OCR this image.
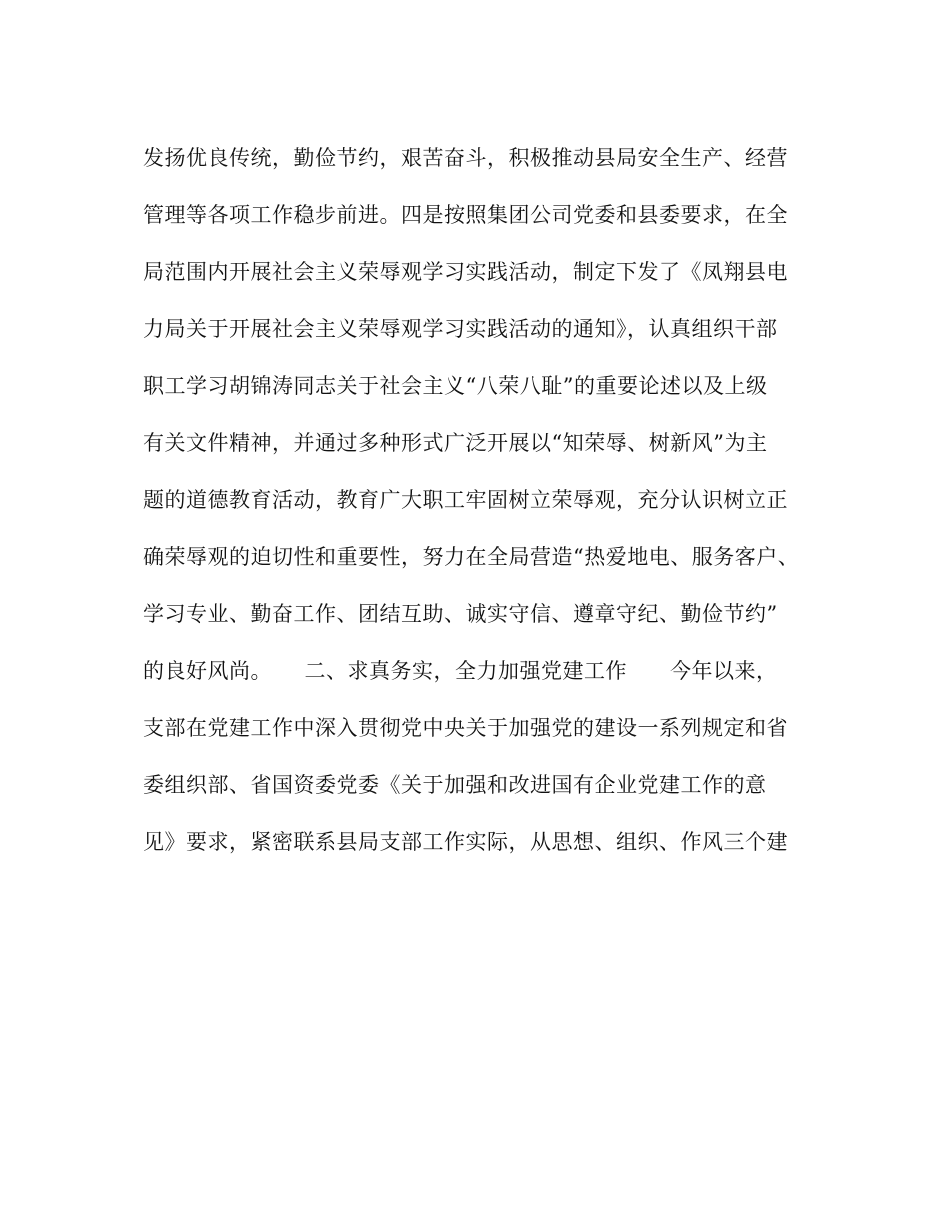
发扬优良传统，勤俭节约，艰苦奋斗，积极推动县局安全生产、经营
管理等各项工作稳步前进。四是按照集团公司党委和县委要求，在全
局范围内开展社会主义荣辱观学习实践活动，制定下发了《凤翔县电
力局关于开展社会主义荣辱观学习实践活动的通知》，认真组织干部
职工学习胡锦涛同志关于社会主义“八荣八耻”的重要论述以及上级
有关文件精神，并通过多种形式广泛开展以“知荣辱、树新风”为主
题的道德教育活动，教育广大职工牢固树立荣辱观，充分认识树立正
确荣辱观的迫切性和重要性，努力在全局营造“热爱地电、服务客户、
学习专业、勤奋工作、团结互助、诚实守信、遵章守纪、勤俭节约”
的良好风尚。　　二、求真务实，全力加强党建工作　　今年以来，
支部在党建工作中深入贯彻党中央关于加强党的建设一系列规定和省
委组织部、省国资委党委《关于加强和改进国有企业党建工作的意
见》要求，紧密联系县局支部工作实际，从思想、组织、作风三个建
